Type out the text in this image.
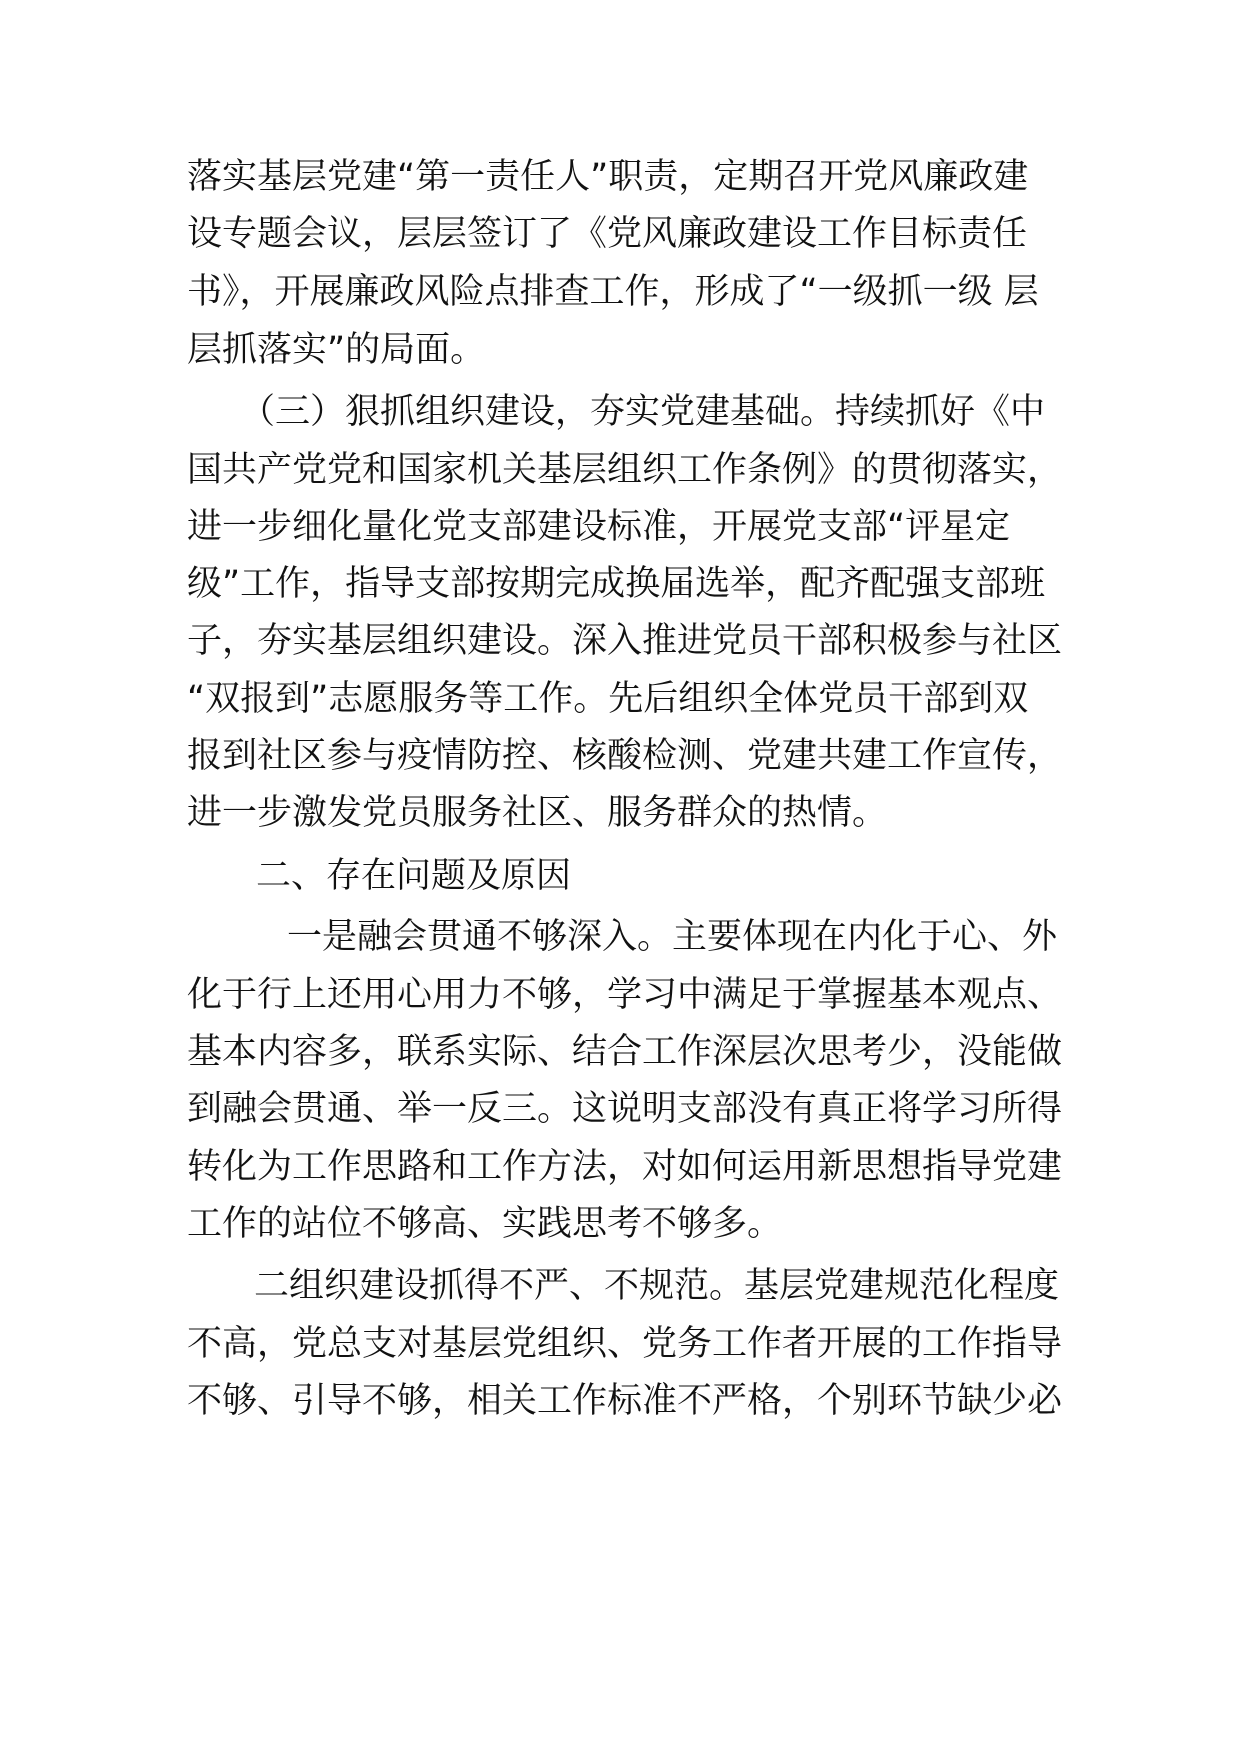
落实基层党建“第一责任人”职责，定期召开党风廉政建
设专题会议，层层签订了《党风廉政建设工作目标责任
书》，开展廉政风险点排查工作，形成了“一级抓一级 层
层抓落实”的局面。
（三）狠抓组织建设，夯实党建基础。持续抓好《中
国共产党党和国家机关基层组织工作条例》的贯彻落实，
进一步细化量化党支部建设标准，开展党支部“评星定
级”工作，指导支部按期完成换届选举，配齐配强支部班
子，夯实基层组织建设。深入推进党员干部积极参与社区
“双报到”志愿服务等工作。先后组织全体党员干部到双
报到社区参与疫情防控、核酸检测、党建共建工作宣传，
进一步激发党员服务社区、服务群众的热情。
二、存在问题及原因
一是融会贯通不够深入。主要体现在内化于心、外
化于行上还用心用力不够，学习中满足于掌握基本观点、
基本内容多，联系实际、结合工作深层次思考少，没能做
到融会贯通、举一反三。这说明支部没有真正将学习所得
转化为工作思路和工作方法，对如何运用新思想指导党建
工作的站位不够高、实践思考不够多。
二组织建设抓得不严、不规范。基层党建规范化程度
不高，党总支对基层党组织、党务工作者开展的工作指导
不够、引导不够，相关工作标准不严格，个别环节缺少必
